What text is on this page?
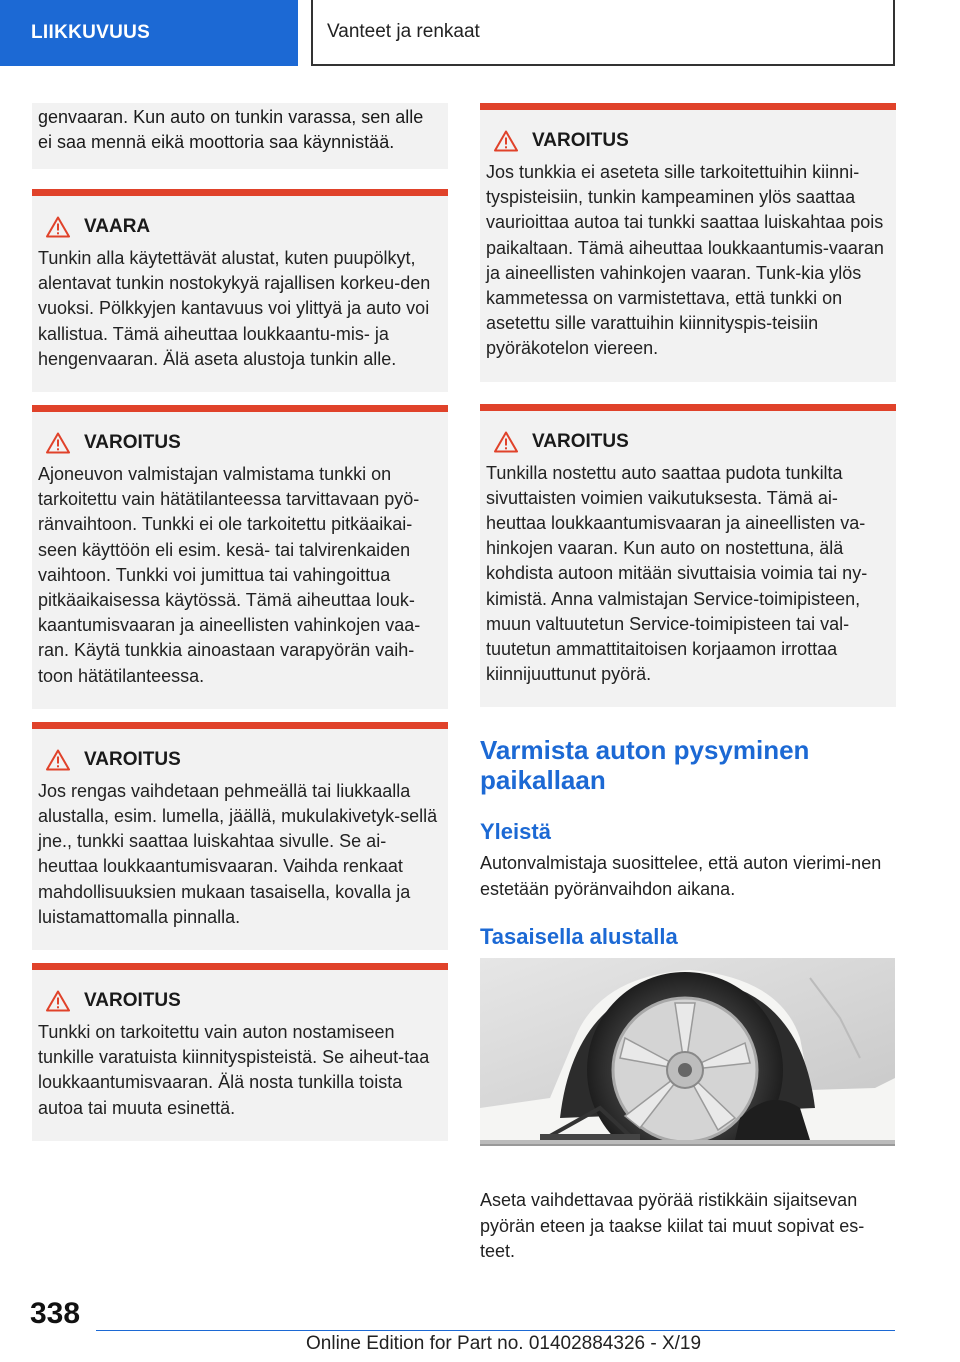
LIIKKUVUUS	Vanteet ja renkaat
genvaaran. Kun auto on tunkin varassa, sen alle ei saa mennä eikä moottoria saa käynnistää.
VAARA
Tunkin alla käytettävät alustat, kuten puupölkyt, alentavat tunkin nostokykyä rajallisen korkeu-den vuoksi. Pölkkyjen kantavuus voi ylittyä ja auto voi kallistua. Tämä aiheuttaa loukkaantu-mis- ja hengenvaaran. Älä aseta alustoja tunkin alle.
VAROITUS
Ajoneuvon valmistajan valmistama tunkki on tarkoitettu vain hätätilanteessa tarvittavaan pyö-ränvaihtoon. Tunkki ei ole tarkoitettu pitkäaikai-seen käyttöön eli esim. kesä- tai talvirenkaiden vaihtoon. Tunkki voi jumittua tai vahingoittua pitkäaikaisessa käytössä. Tämä aiheuttaa louk-kaantumisvaaran ja aineellisten vahinkojen vaa-ran. Käytä tunkkia ainoastaan varapyörän vaih-toon hätätilanteessa.
VAROITUS
Jos rengas vaihdetaan pehmeällä tai liukkaalla alustalla, esim. lumella, jäällä, mukulakivetyk-sellä jne., tunkki saattaa luiskahtaa sivulle. Se ai-heuttaa loukkaantumisvaaran. Vaihda renkaat mahdollisuuksien mukaan tasaisella, kovalla ja luistamattomalla pinnalla.
VAROITUS
Tunkki on tarkoitettu vain auton nostamiseen tunkille varatuista kiinnityspisteistä. Se aiheut-taa loukkaantumisvaaran. Älä nosta tunkilla toista autoa tai muuta esinettä.
VAROITUS
Jos tunkkia ei aseteta sille tarkoitettuihin kiinni-tyspisteisiin, tunkin kampeaminen ylös saattaa vaurioittaa autoa tai tunkki saattaa luiskahtaa pois paikaltaan. Tämä aiheuttaa loukkaantumis-vaaran ja aineellisten vahinkojen vaaran. Tunk-kia ylös kammetessa on varmistettava, että tunkki on asetettu sille varattuihin kiinnityspis-teisiin pyöräkotelon viereen.
VAROITUS
Tunkilla nostettu auto saattaa pudota tunkilta sivuttaisten voimien vaikutuksesta. Tämä ai-heuttaa loukkaantumisvaaran ja aineellisten va-hinkojen vaaran. Kun auto on nostettuna, älä kohdista autoon mitään sivuttaisia voimia tai ny-kimistä. Anna valmistajan Service-toimipisteen, muun valtuutetun Service-toimipisteen tai val-tuutetun ammattitaitoisen korjaamon irrottaa kiinnijuuttunut pyörä.
Varmista auton pysyminen paikallaan
Yleistä
Autonvalmistaja suosittelee, että auton vierimi-nen estetään pyöränvaihdon aikana.
Tasaisella alustalla
Aseta vaihdettavaa pyörää ristikkäin sijaitsevan pyörän eteen ja taakse kiilat tai muut sopivat es-teet.
338
Online Edition for Part no. 01402884326 - X/19
